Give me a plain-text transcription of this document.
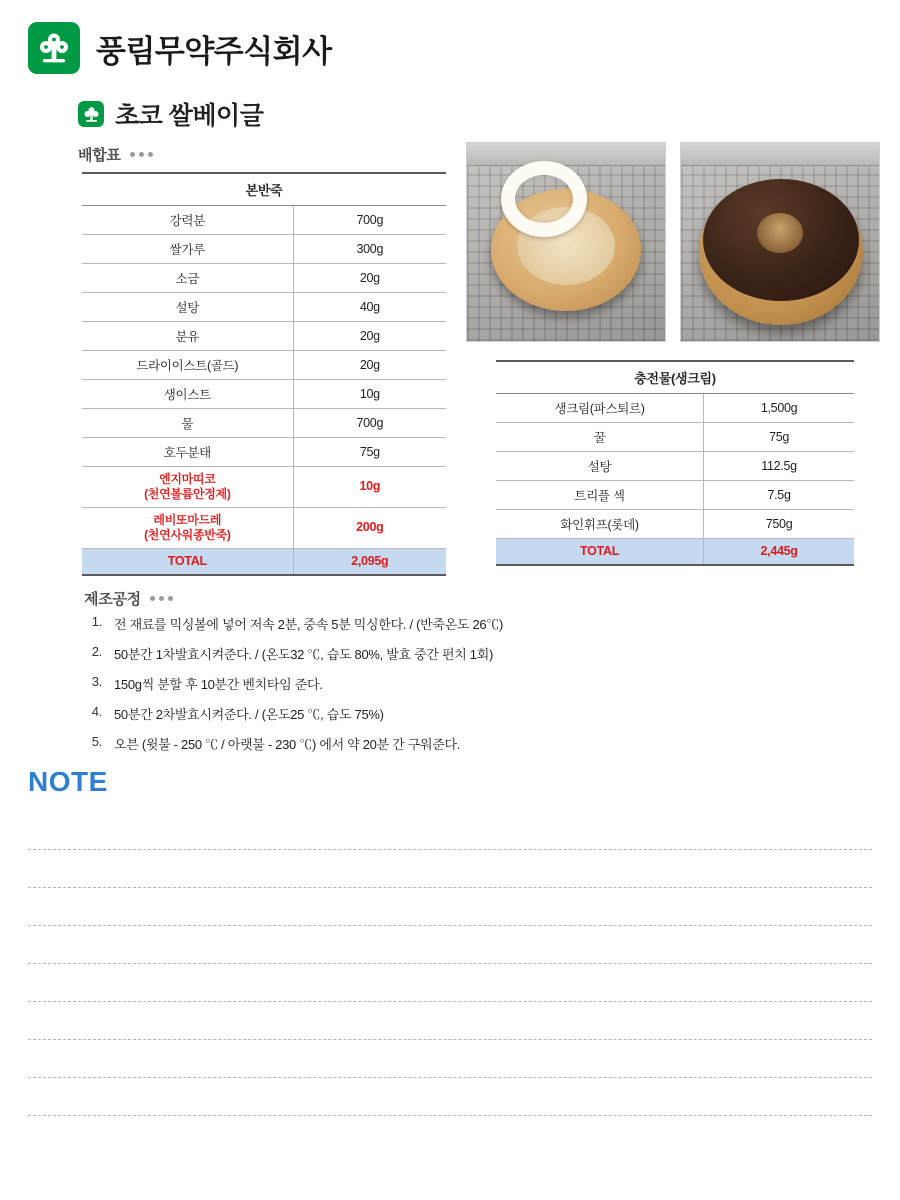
풍림무약주식회사
초코 쌀베이글
배합표
본반죽	
강력분	700g
쌀가루	300g
소금	20g
설탕	40g
분유	20g
드라이이스트(골드)	20g
생이스트	10g
물	700g
호두분태	75g

엔지마띠코
(천연볼륨안정제)	10g

레비또마드레
(천연사워종반죽)	200g
TOTAL	2,095g
충전물(생크림)	
생크림(파스퇴르)	1,500g
꿀	75g
설탕	112.5g
트리플 섹	7.5g
화인휘프(롯데)	750g
TOTAL	2,445g
제조공정
1. 전 재료를 믹싱볼에 넣어 저속 2분, 중속 5분 믹싱한다. / (반죽온도 26℃)
2. 50분간 1차발효시켜준다. / (온도32 ℃, 습도 80%, 발효 중간 펀치 1회)
3. 150g씩 분할 후 10분간 벤치타임 준다.
4. 50분간 2차발효시켜준다. / (온도25 ℃, 습도 75%)
5. 오븐 (윗불 - 250 ℃ / 아랫불 - 230 ℃) 에서 약 20분 간 구워준다.
NOTE
